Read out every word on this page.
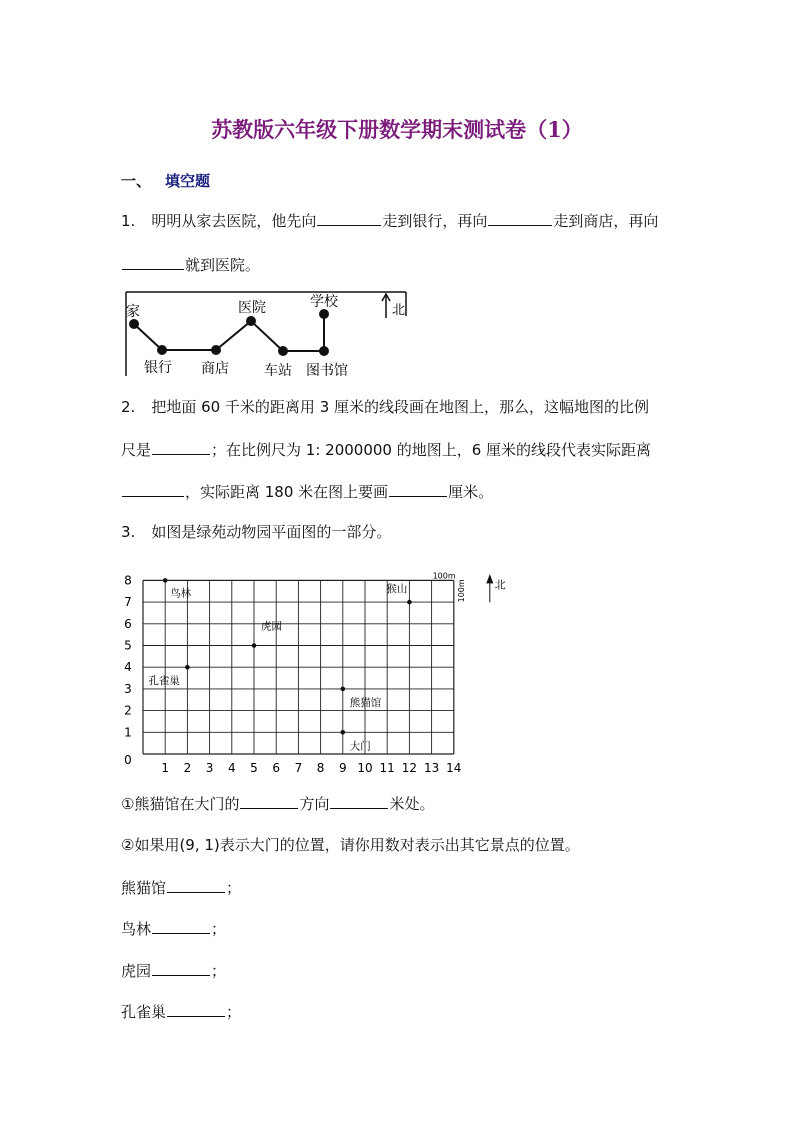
苏教版六年级下册数学期末测试卷（1）
一、 填空题
1. 明明从家去医院，他先向	走到银行，再向	走到商店，再向
就到医院。
家
银行 商店
医院
车站
学校
图书馆
北
2. 把地面 60 千米的距离用 3 厘米的线段画在地图上，那么，这幅地图的比例
尺是	；在比例尺为 1: 2000000 的地图上，6 厘米的线段代表实际距离
，实际距离 180 米在图上要画	厘米。
3. 如图是绿苑动物园平面图的一部分。
1 2 3 4 5 6 7 8 9 10 11 12 13 14
1
2
3
4
5
6
7
8
0
鸟林	猴山
虎园
孔雀巢
熊猫馆
大门
100m
100m	北
①熊猫馆在大门的	方向	米处。
②如果用(9, 1)表示大门的位置，请你用数对表示出其它景点的位置。
熊猫馆	；
鸟林	；
虎园	；
孔雀巢	；
